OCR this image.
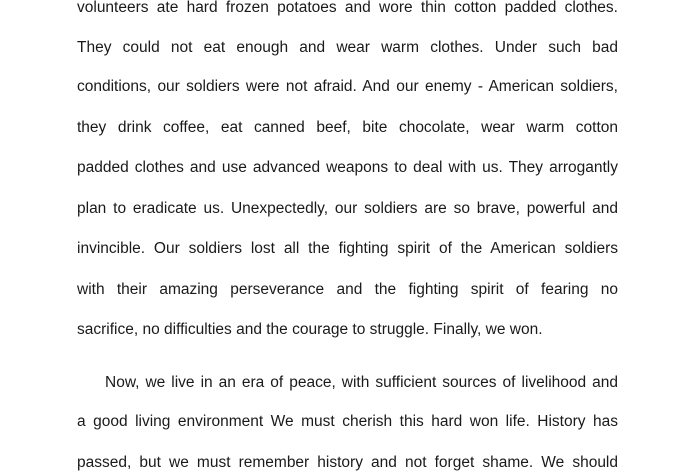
volunteers ate hard frozen potatoes and wore thin cotton padded clothes.
They could not eat enough and wear warm clothes. Under such bad
conditions, our soldiers were not afraid. And our enemy - American soldiers,
they drink coffee, eat canned beef, bite chocolate, wear warm cotton
padded clothes and use advanced weapons to deal with us. They arrogantly
plan to eradicate us. Unexpectedly, our soldiers are so brave, powerful and
invincible. Our soldiers lost all the fighting spirit of the American soldiers
with their amazing perseverance and the fighting spirit of fearing no
sacrifice, no difficulties and the courage to struggle. Finally, we won.
Now, we live in an era of peace, with sufficient sources of livelihood and
a good living environment We must cherish this hard won life. History has
passed, but we must remember history and not forget shame. We should
